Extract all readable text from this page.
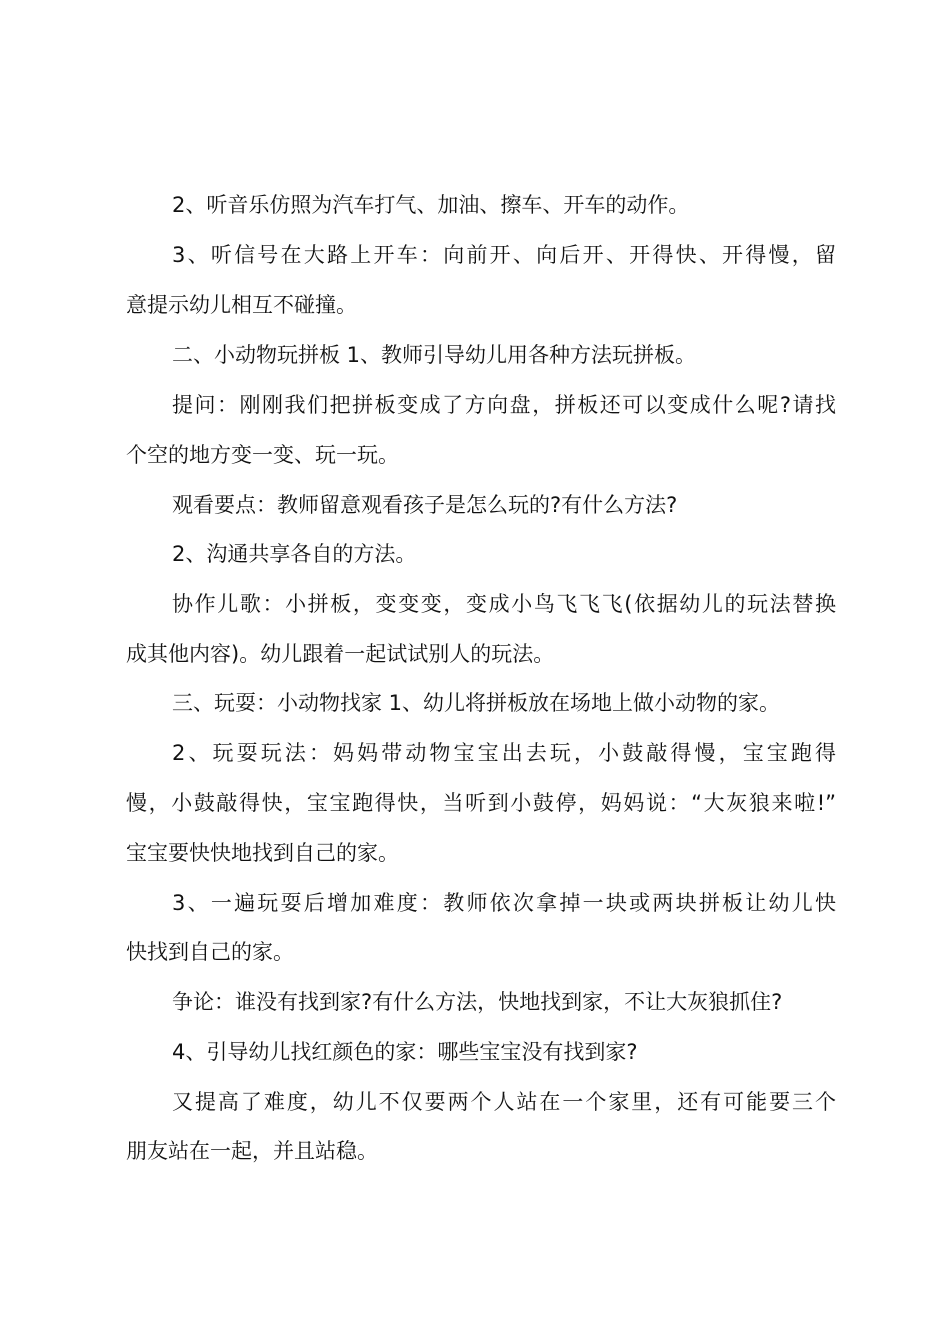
2、听音乐仿照为汽车打气、加油、擦车、开车的动作。
3、听信号在大路上开车：向前开、向后开、开得快、开得慢，留
意提示幼儿相互不碰撞。
二、小动物玩拼板 1、教师引导幼儿用各种方法玩拼板。
提问：刚刚我们把拼板变成了方向盘，拼板还可以变成什么呢?请找
个空的地方变一变、玩一玩。
观看要点：教师留意观看孩子是怎么玩的?有什么方法?
2、沟通共享各自的方法。
协作儿歌：小拼板，变变变，变成小鸟飞飞飞(依据幼儿的玩法替换
成其他内容)。幼儿跟着一起试试别人的玩法。
三、玩耍：小动物找家 1、幼儿将拼板放在场地上做小动物的家。
2、玩耍玩法：妈妈带动物宝宝出去玩，小鼓敲得慢，宝宝跑得
慢，小鼓敲得快，宝宝跑得快，当听到小鼓停，妈妈说：“大灰狼来啦!”
宝宝要快快地找到自己的家。
3、一遍玩耍后增加难度：教师依次拿掉一块或两块拼板让幼儿快
快找到自己的家。
争论：谁没有找到家?有什么方法，快地找到家，不让大灰狼抓住?
4、引导幼儿找红颜色的家：哪些宝宝没有找到家?
又提高了难度，幼儿不仅要两个人站在一个家里，还有可能要三个
朋友站在一起，并且站稳。
